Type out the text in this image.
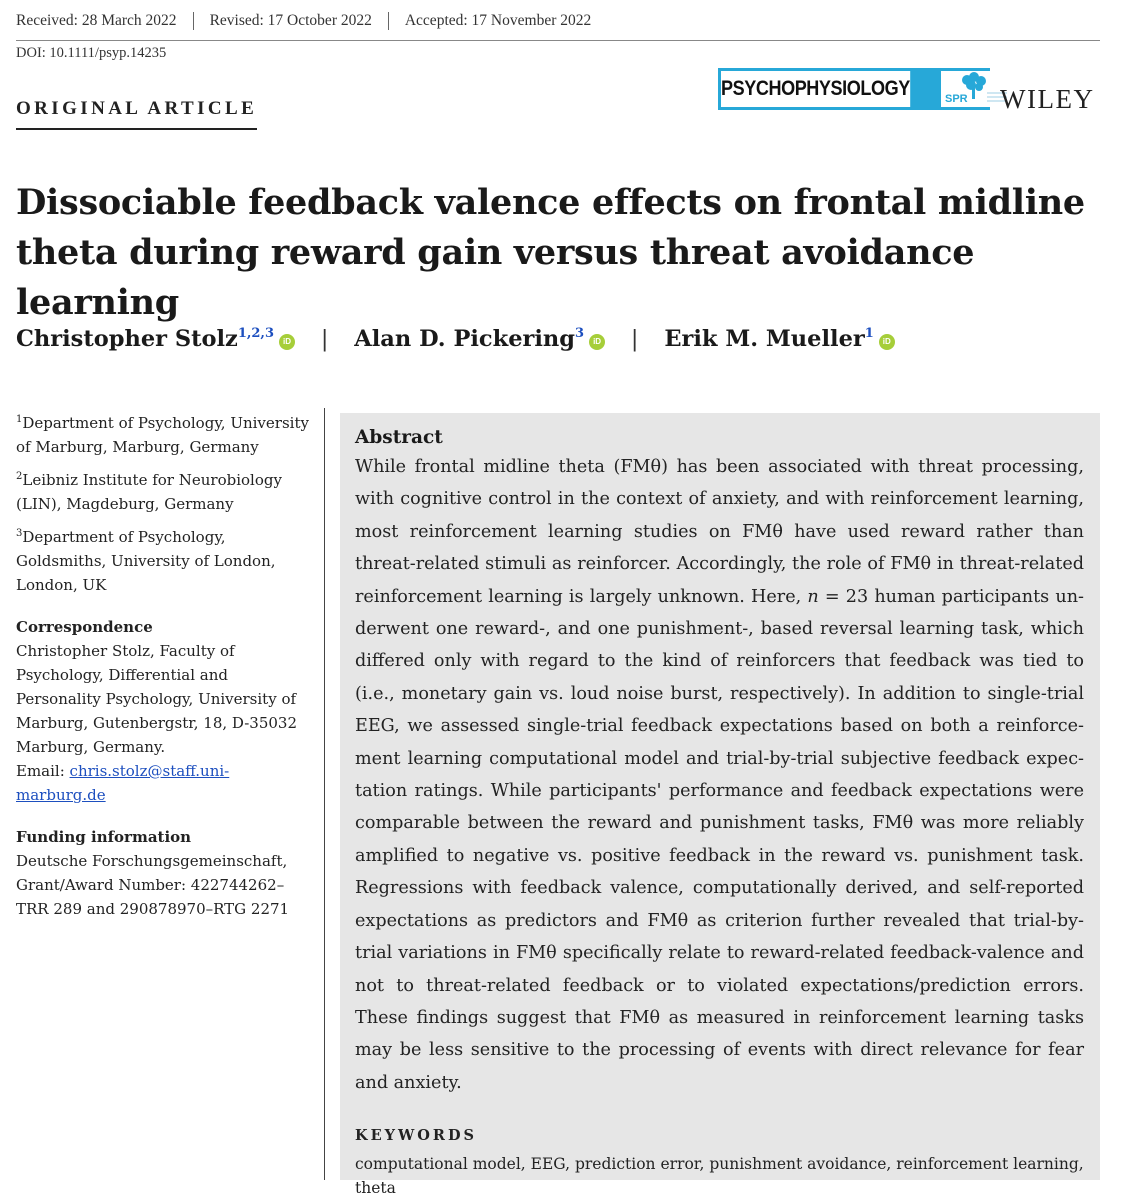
Received: 28 March 2022	Revised: 17 October 2022	Accepted: 17 November 2022
DOI: 10.1111/psyp.14235
ORIGINAL ARTICLE
PSYCHOPHYSIOLOGY	SPR WILEY
Dissociable feedback valence effects on frontal midline
theta during reward gain versus threat avoidance learning
Christopher Stolz$^{1,2,3}$iD | Alan D. Pickering$^3$iD | Erik M. Mueller$^1$iD
$^1$Department of Psychology, University of Marburg, Marburg, Germany
$^2$Leibniz Institute for Neurobiology (LIN), Magdeburg, Germany
$^3$Department of Psychology, Goldsmiths, University of London, London, UK
Correspondence
Christopher Stolz, Faculty of Psychology, Differential and Personality Psychology, University of Marburg, Gutenbergstr, 18, D-35032 Marburg, Germany.
Email: chris.stolz@staff.uni-marburg.de
Funding information
Deutsche Forschungsgemeinschaft, Grant/Award Number: 422744262–TRR 289 and 290878970–RTG 2271
Abstract

While frontal midline theta (FMθ) has been associated with threat processing, with cognitive control in the context of anxiety, and with reinforcement learning, most reinforcement learning studies on FMθ have used reward rather than threat-related stimuli as reinforcer. Accordingly, the role of FMθ in threat-related reinforcement learning is largely unknown. Here, n = 23 human participants underwent one reward-, and one punishment-, based reversal learning task, which differed only with regard to the kind of reinforcers that feedback was tied to (i.e., monetary gain vs. loud noise burst, respectively). In addition to single-trial EEG, we assessed single-trial feedback expectations based on both a reinforcement learning computational model and trial-by-trial subjective feedback expectation ratings. While participants' performance and feedback expectations were comparable between the reward and punishment tasks, FMθ was more reliably amplified to negative vs. positive feedback in the reward vs. punishment task. Regressions with feedback valence, computationally derived, and self-reported expectations as predictors and FMθ as criterion further revealed that trial-by-trial variations in FMθ specifically relate to reward-related feedback-valence and not to threat-related feedback or to violated expectations/prediction errors. These findings suggest that FMθ as measured in reinforcement learning tasks may be less sensitive to the processing of events with direct relevance for fear and anxiety.

KEYWORDS
computational model, EEG, prediction error, punishment avoidance, reinforcement learning, theta
